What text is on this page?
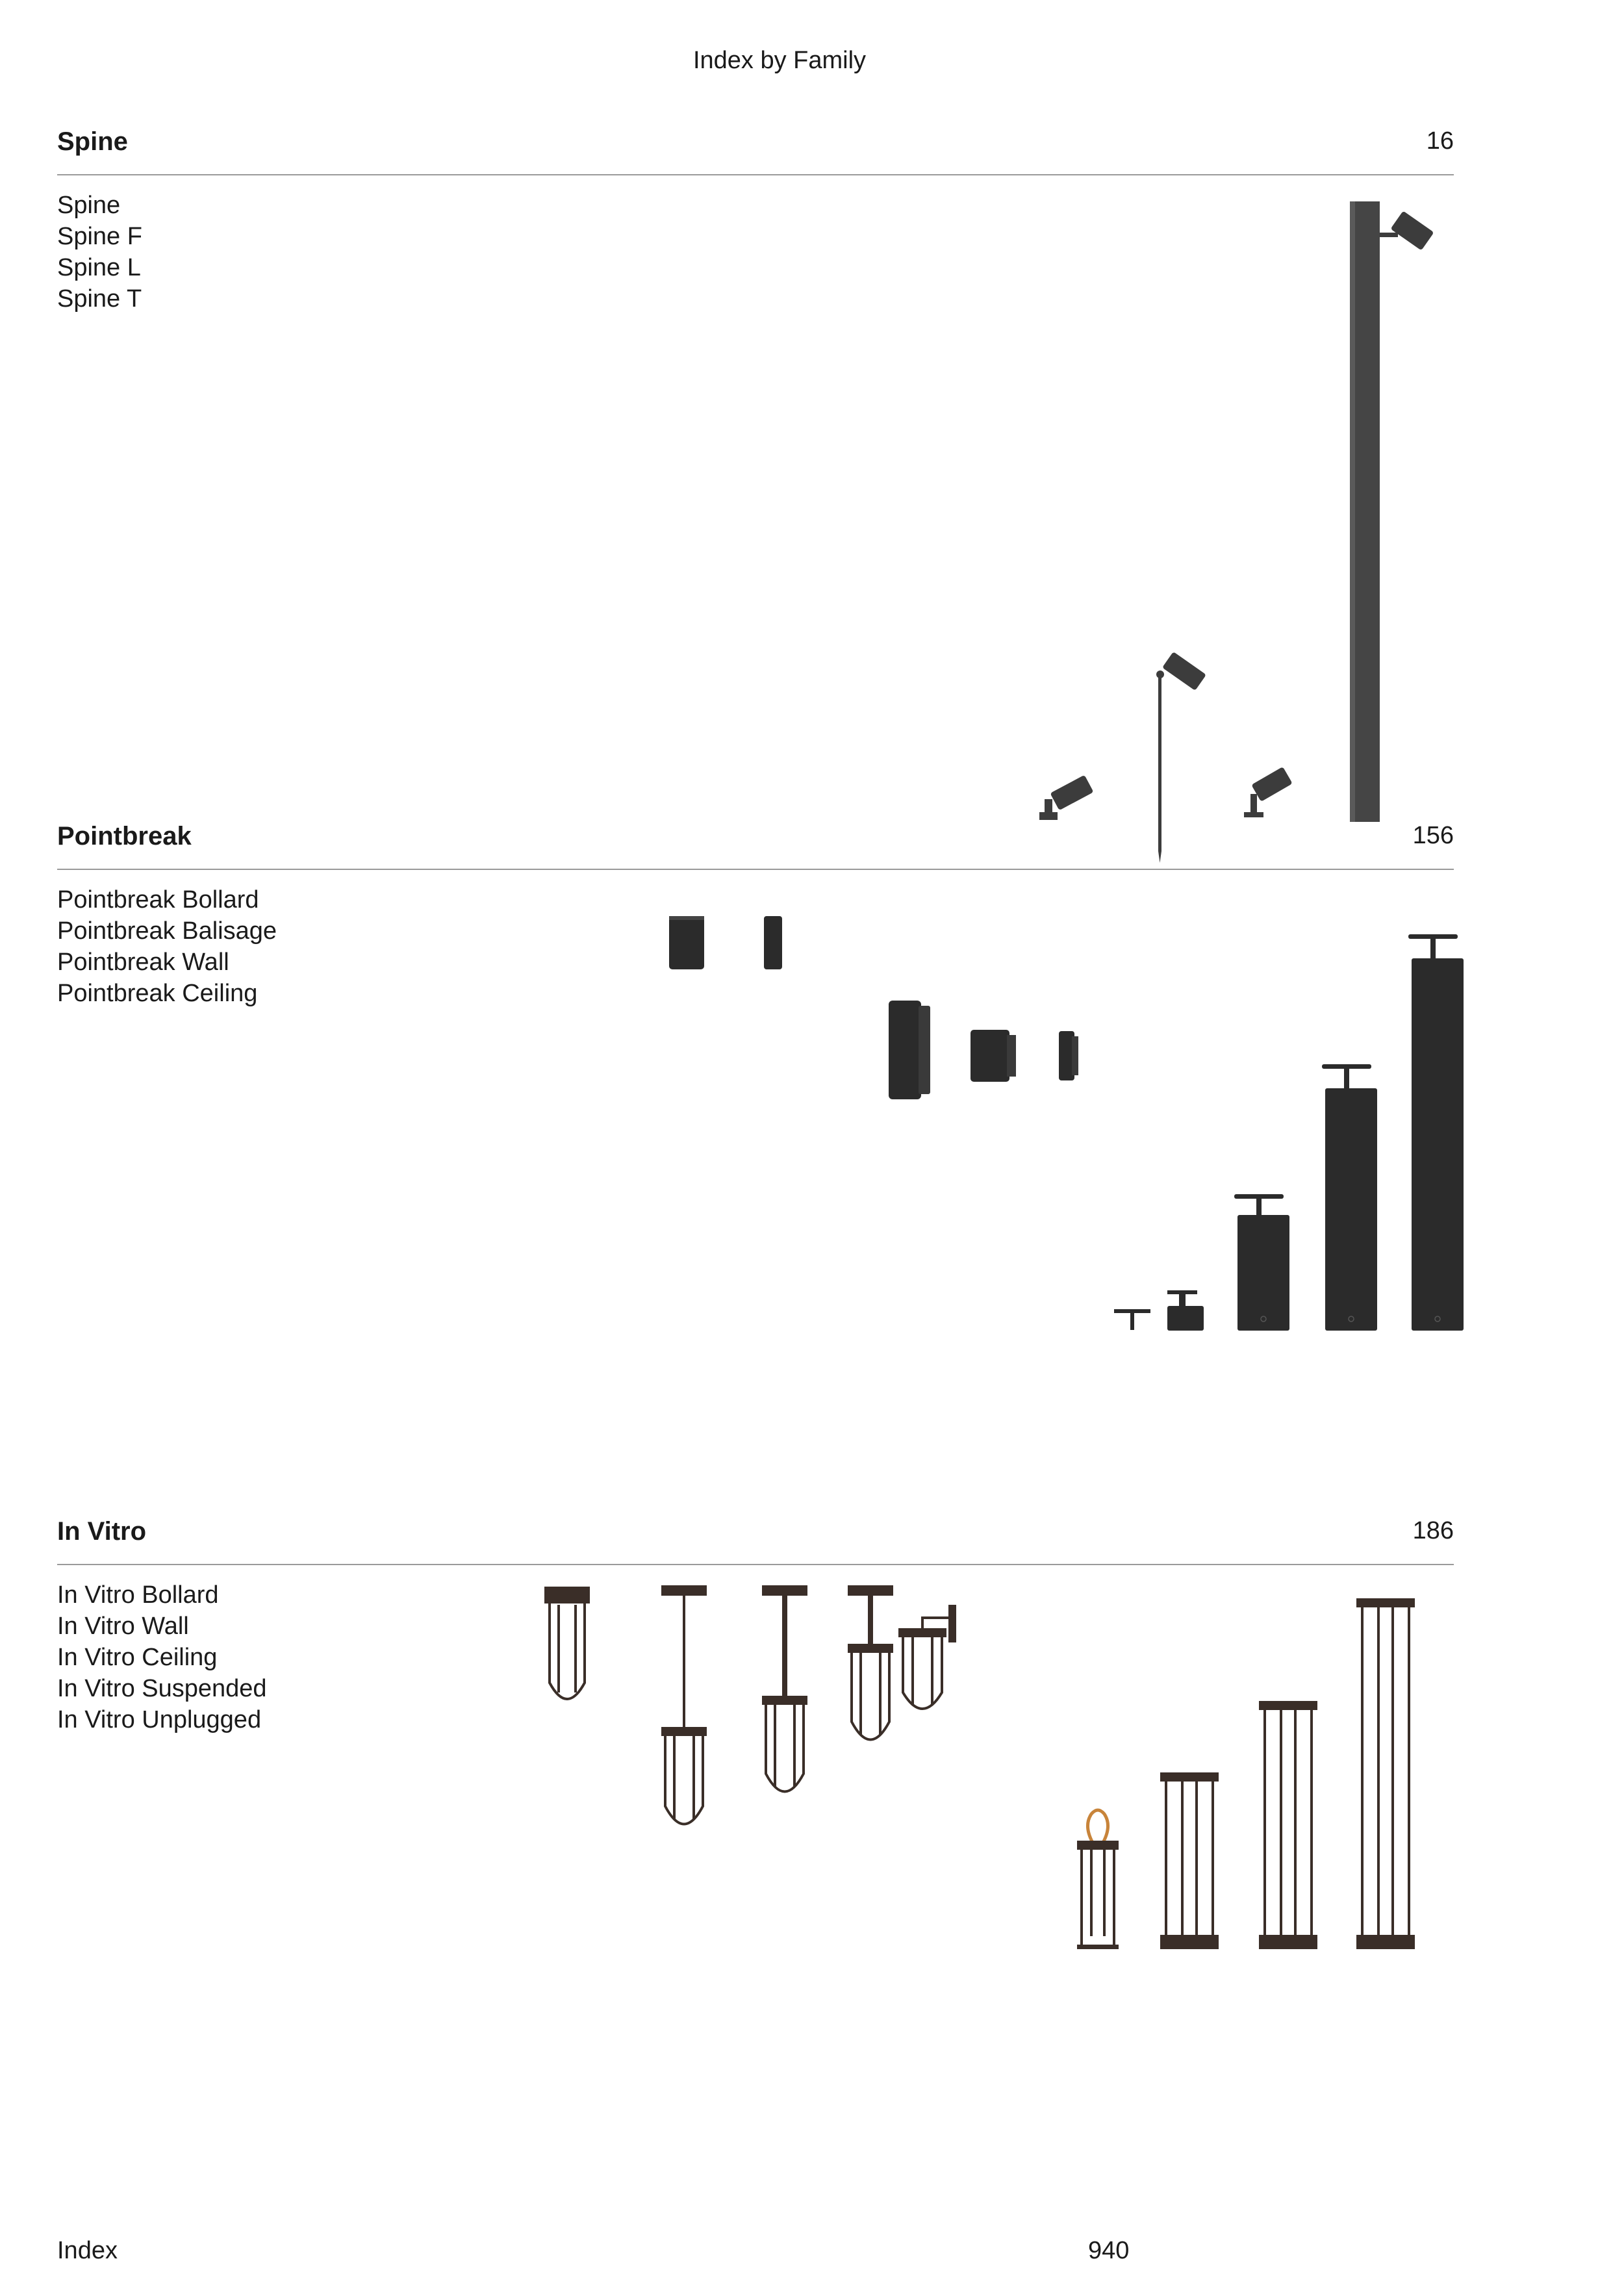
Index by Family
Spine	16
Spine
Spine F
Spine L
Spine T
Pointbreak	156
Pointbreak Bollard
Pointbreak Balisage
Pointbreak Wall
Pointbreak Ceiling
In Vitro	186
In Vitro Bollard
In Vitro Wall
In Vitro Ceiling
In Vitro Suspended
In Vitro Unplugged
Index	940
